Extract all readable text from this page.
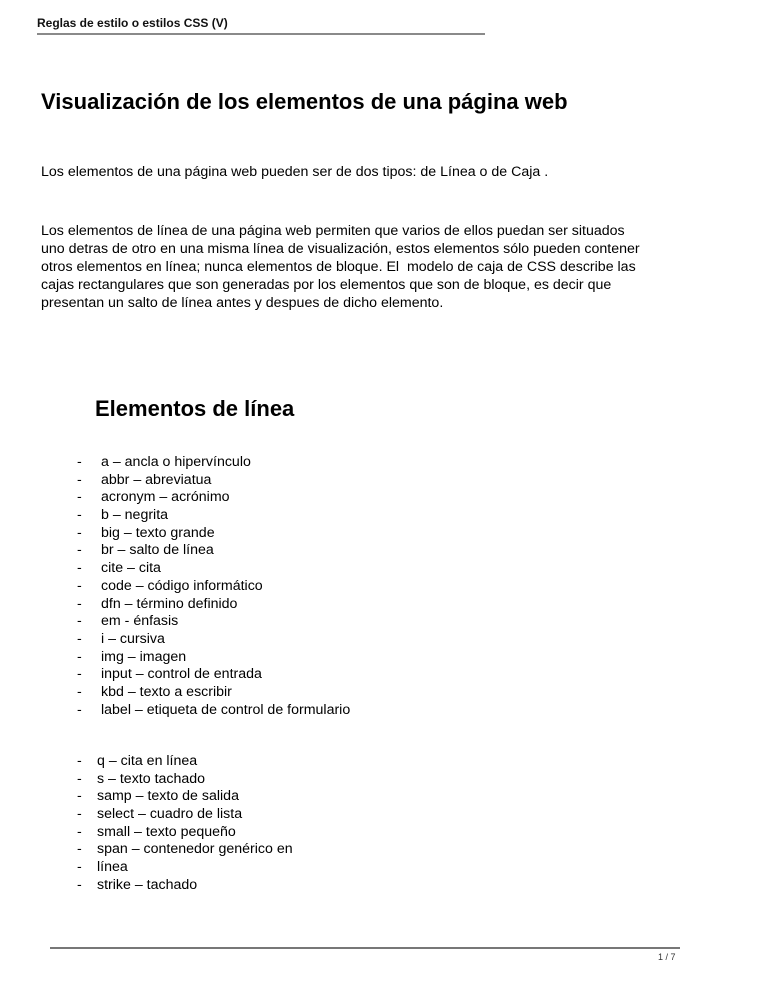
Reglas de estilo o estilos CSS (V)
Visualización de los elementos de una página web

Los elementos de una página web pueden ser de dos tipos: de Línea o de Caja .

Los elementos de línea de una página web permiten que varios de ellos puedan ser situados
uno detras de otro en una misma línea de visualización, estos elementos sólo pueden contener
otros elementos en línea; nunca elementos de bloque. El  modelo de caja de CSS describe las
cajas rectangulares que son generadas por los elementos que son de bloque, es decir que
presentan un salto de línea antes y despues de dicho elemento.

Elementos de línea
- a – ancla o hipervínculo
- abbr – abreviatua
- acronym – acrónimo
- b – negrita
- big – texto grande
- br – salto de línea
- cite – cita
- code – código informático
- dfn – término definido
- em - énfasis
- i – cursiva
- img – imagen
- input – control de entrada
- kbd – texto a escribir
- label – etiqueta de control de formulario
- q – cita en línea
- s – texto tachado
- samp – texto de salida
- select – cuadro de lista
- small – texto pequeño
- span – contenedor genérico en
- línea
- strike – tachado
1 / 7
